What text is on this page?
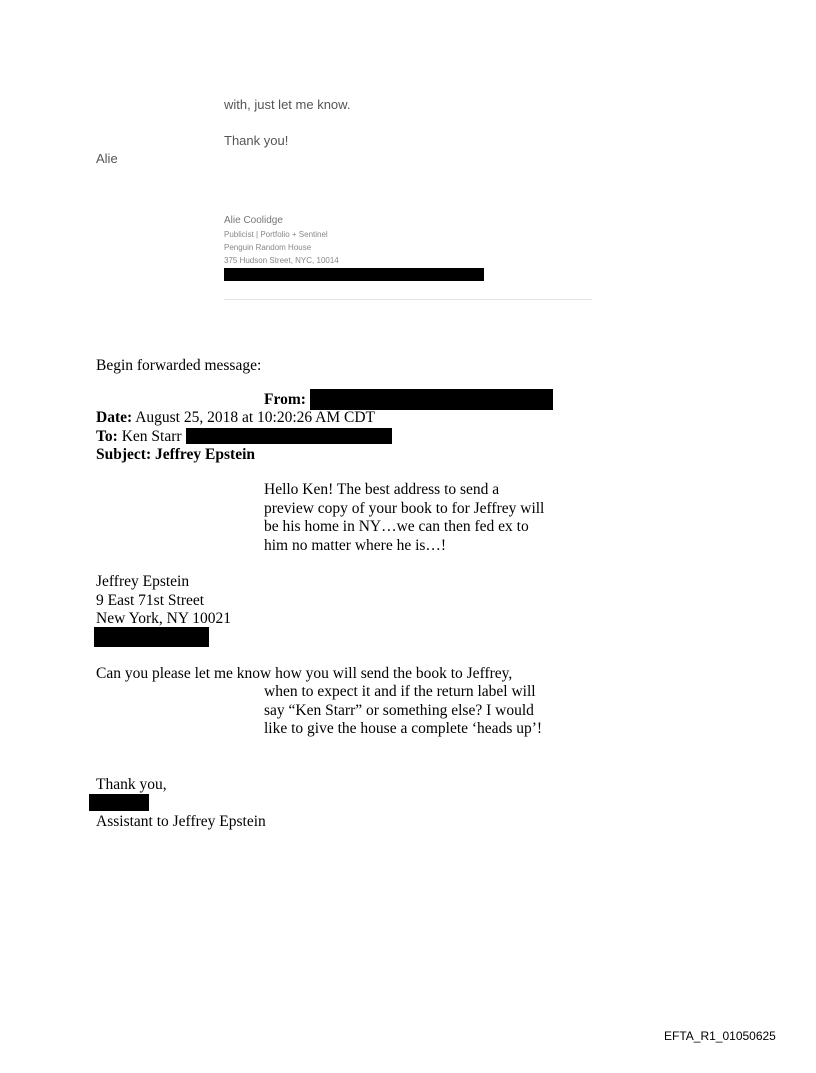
with, just let me know.
Thank you!
Alie
Alie Coolidge
Publicist | Portfolio + Sentinel
Penguin Random House
375 Hudson Street, NYC, 10014
Begin forwarded message:
From:
Date: August 25, 2018 at 10:20:26 AM CDT
To: Ken Starr
Subject: Jeffrey Epstein
Hello Ken! The best address to send a
preview copy of your book to for Jeffrey will
be his home in NY…we can then fed ex to
him no matter where he is…!
Jeffrey Epstein
9 East 71st Street
New York, NY 10021
Can you please let me know how you will send the book to Jeffrey,
when to expect it and if the return label will
say “Ken Starr” or something else? I would
like to give the house a complete ‘heads up’!
Thank you,
Assistant to Jeffrey Epstein
EFTA_R1_01050625
